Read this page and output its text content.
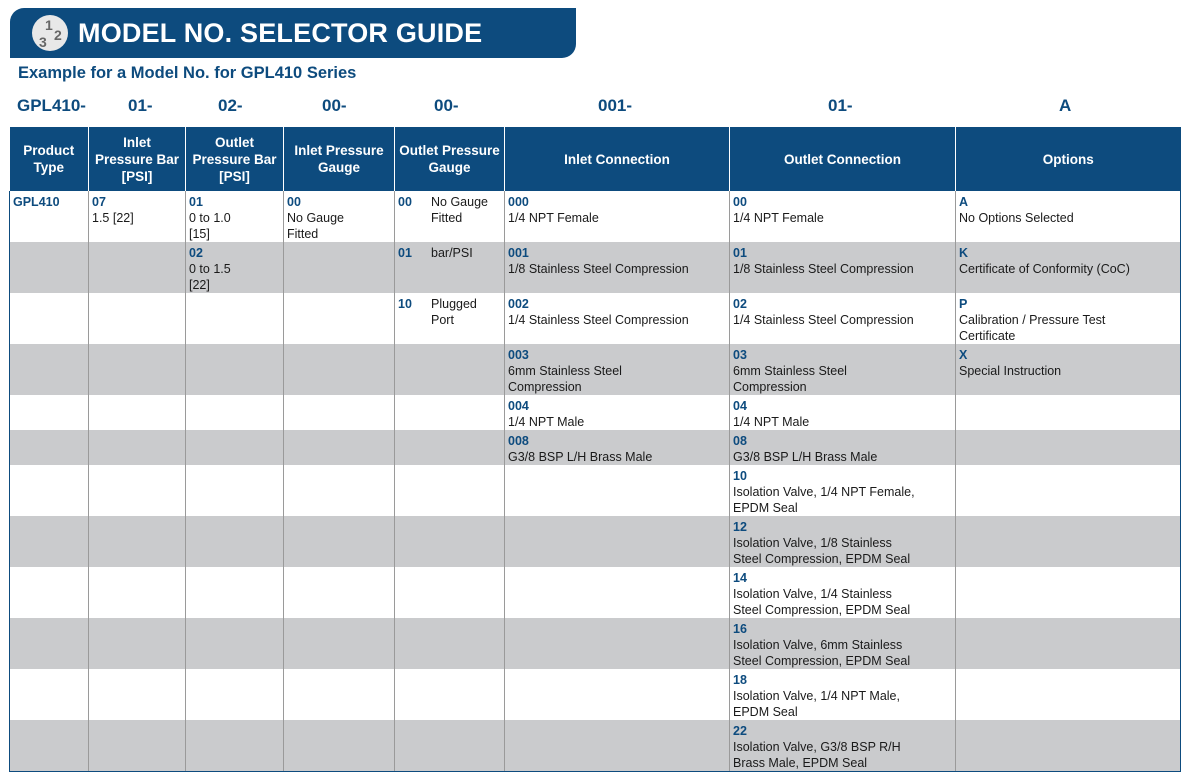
1
2
3 MODEL NO. SELECTOR GUIDE
Example for a Model No. for GPL410 Series
GPL410- 01-	02-	00-	00-	001-	01-	A
Product Type	Inlet Pressure Bar [PSI]	Outlet Pressure Bar [PSI]	Inlet Pressure Gauge	Outlet Pressure Gauge	Inlet Connection	Outlet Connection	Options
GPL410	071.5 [22]	010 to 1.0 [15]	00No Gauge Fitted	00 No Gauge Fitted	0001/4 NPT Female	001/4 NPT Female	ANo Options Selected
		020 to 1.5 [22]		01 bar/PSI	0011/8 Stainless Steel Compression	011/8 Stainless Steel Compression	KCertificate of Conformity (CoC)
				10 Plugged Port	0021/4 Stainless Steel Compression	021/4 Stainless Steel Compression	PCalibration / Pressure Test Certificate
					0036mm Stainless Steel Compression	036mm Stainless Steel Compression	XSpecial Instruction
					0041/4 NPT Male	041/4 NPT Male	
					008G3/8 BSP L/H Brass Male	08G3/8 BSP L/H Brass Male	
						10Isolation Valve, 1/4 NPT Female, EPDM Seal	
						12Isolation Valve, 1/8 Stainless Steel Compression, EPDM Seal	
						14Isolation Valve, 1/4 Stainless Steel Compression, EPDM Seal	
						16Isolation Valve, 6mm Stainless Steel Compression, EPDM Seal	
						18Isolation Valve, 1/4 NPT Male, EPDM Seal	
						22Isolation Valve, G3/8 BSP R/H Brass Male, EPDM Seal	
